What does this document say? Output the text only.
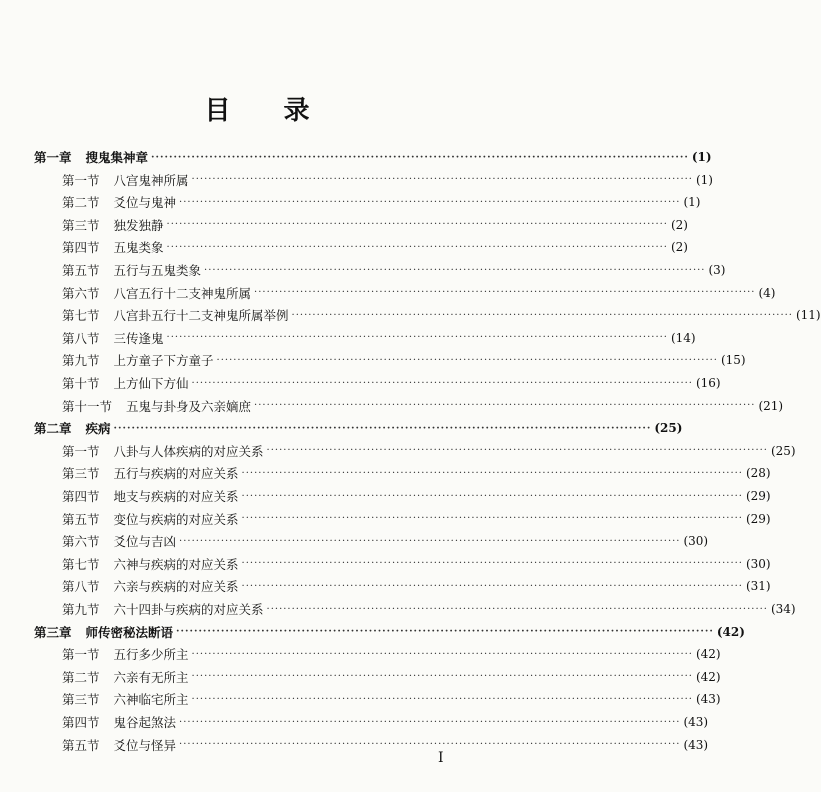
目 录
第一章 搜鬼集神章 ························································································································ (1)
第一节 八宫鬼神所属 ························································································································ (1)
第二节 爻位与鬼神 ························································································································ (1)
第三节 独发独静 ························································································································ (2)
第四节 五鬼类象 ························································································································ (2)
第五节 五行与五鬼类象 ························································································································ (3)
第六节 八宫五行十二支神鬼所属 ························································································································ (4)
第七节 八宫卦五行十二支神鬼所属举例 ························································································································ (11)
第八节 三传逢鬼 ························································································································ (14)
第九节 上方童子下方童子 ························································································································ (15)
第十节 上方仙下方仙 ························································································································ (16)
第十一节 五鬼与卦身及六亲嫡庶 ························································································································ (21)
第二章 疾病 ························································································································ (25)
第一节 八卦与人体疾病的对应关系 ························································································································ (25)
第三节 五行与疾病的对应关系 ························································································································ (28)
第四节 地支与疾病的对应关系 ························································································································ (29)
第五节 变位与疾病的对应关系 ························································································································ (29)
第六节 爻位与吉凶 ························································································································ (30)
第七节 六神与疾病的对应关系 ························································································································ (30)
第八节 六亲与疾病的对应关系 ························································································································ (31)
第九节 六十四卦与疾病的对应关系 ························································································································ (34)
第三章 师传密秘法断语 ························································································································ (42)
第一节 五行多少所主 ························································································································ (42)
第二节 六亲有无所主 ························································································································ (42)
第三节 六神临宅所主 ························································································································ (43)
第四节 鬼谷起煞法 ························································································································ (43)
第五节 爻位与怪异 ························································································································ (43)
I
